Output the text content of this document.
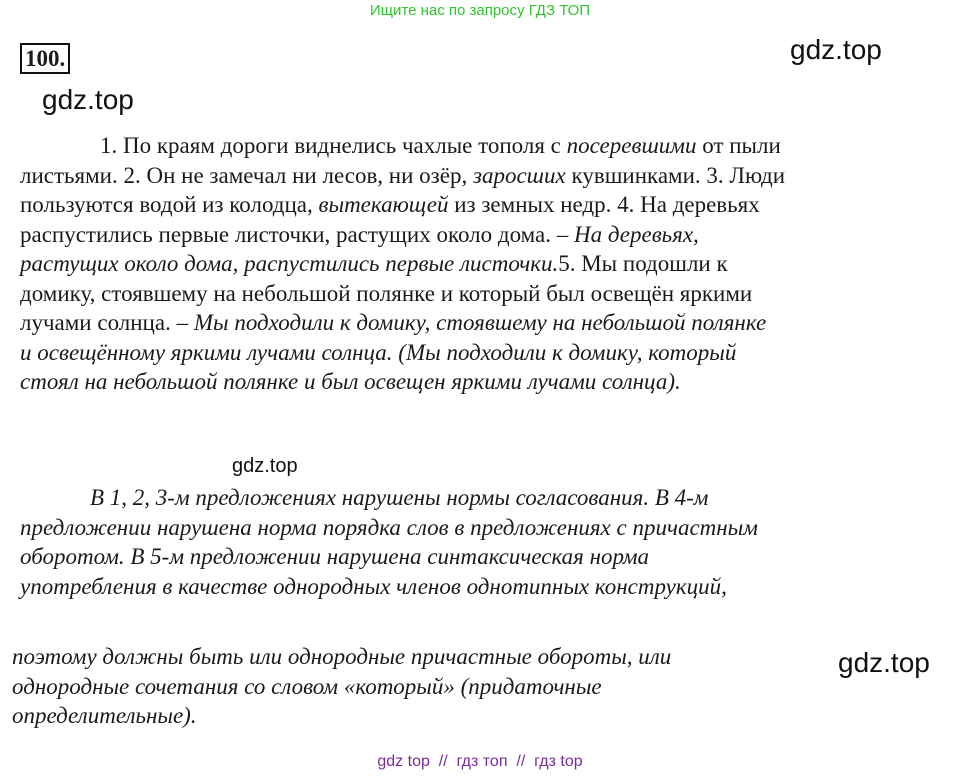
Ищите нас по запросу ГДЗ ТОП
100.	gdz.top
gdz.top
1. По краям дороги виднелись чахлые тополя с посеревшими от пыли
листьями. 2. Он не замечал ни лесов, ни озёр, заросших кувшинками. 3. Люди
пользуются водой из колодца, вытекающей из земных недр. 4. На деревьях
распустились первые листочки, растущих около дома. – На деревьях,
растущих около дома, распустились первые листочки.5. Мы подошли к
домику, стоявшему на небольшой полянке и который был освещён яркими
лучами солнца. – Мы подходили к домику, стоявшему на небольшой полянке
и освещённому яркими лучами солнца. (Мы подходили к домику, который
стоял на небольшой полянке и был освещен яркими лучами солнца).
gdz.top
В 1, 2, 3-м предложениях нарушены нормы согласования. В 4-м
предложении нарушена норма порядка слов в предложениях с причастным
оборотом. В 5-м предложении нарушена синтаксическая норма
употребления в качестве однородных членов однотипных конструкций,
поэтому должны быть или однородные причастные обороты, или
однородные сочетания со словом «который» (придаточные
определительные).
gdz.top
gdz top  //  гдз топ  //  гдз top
